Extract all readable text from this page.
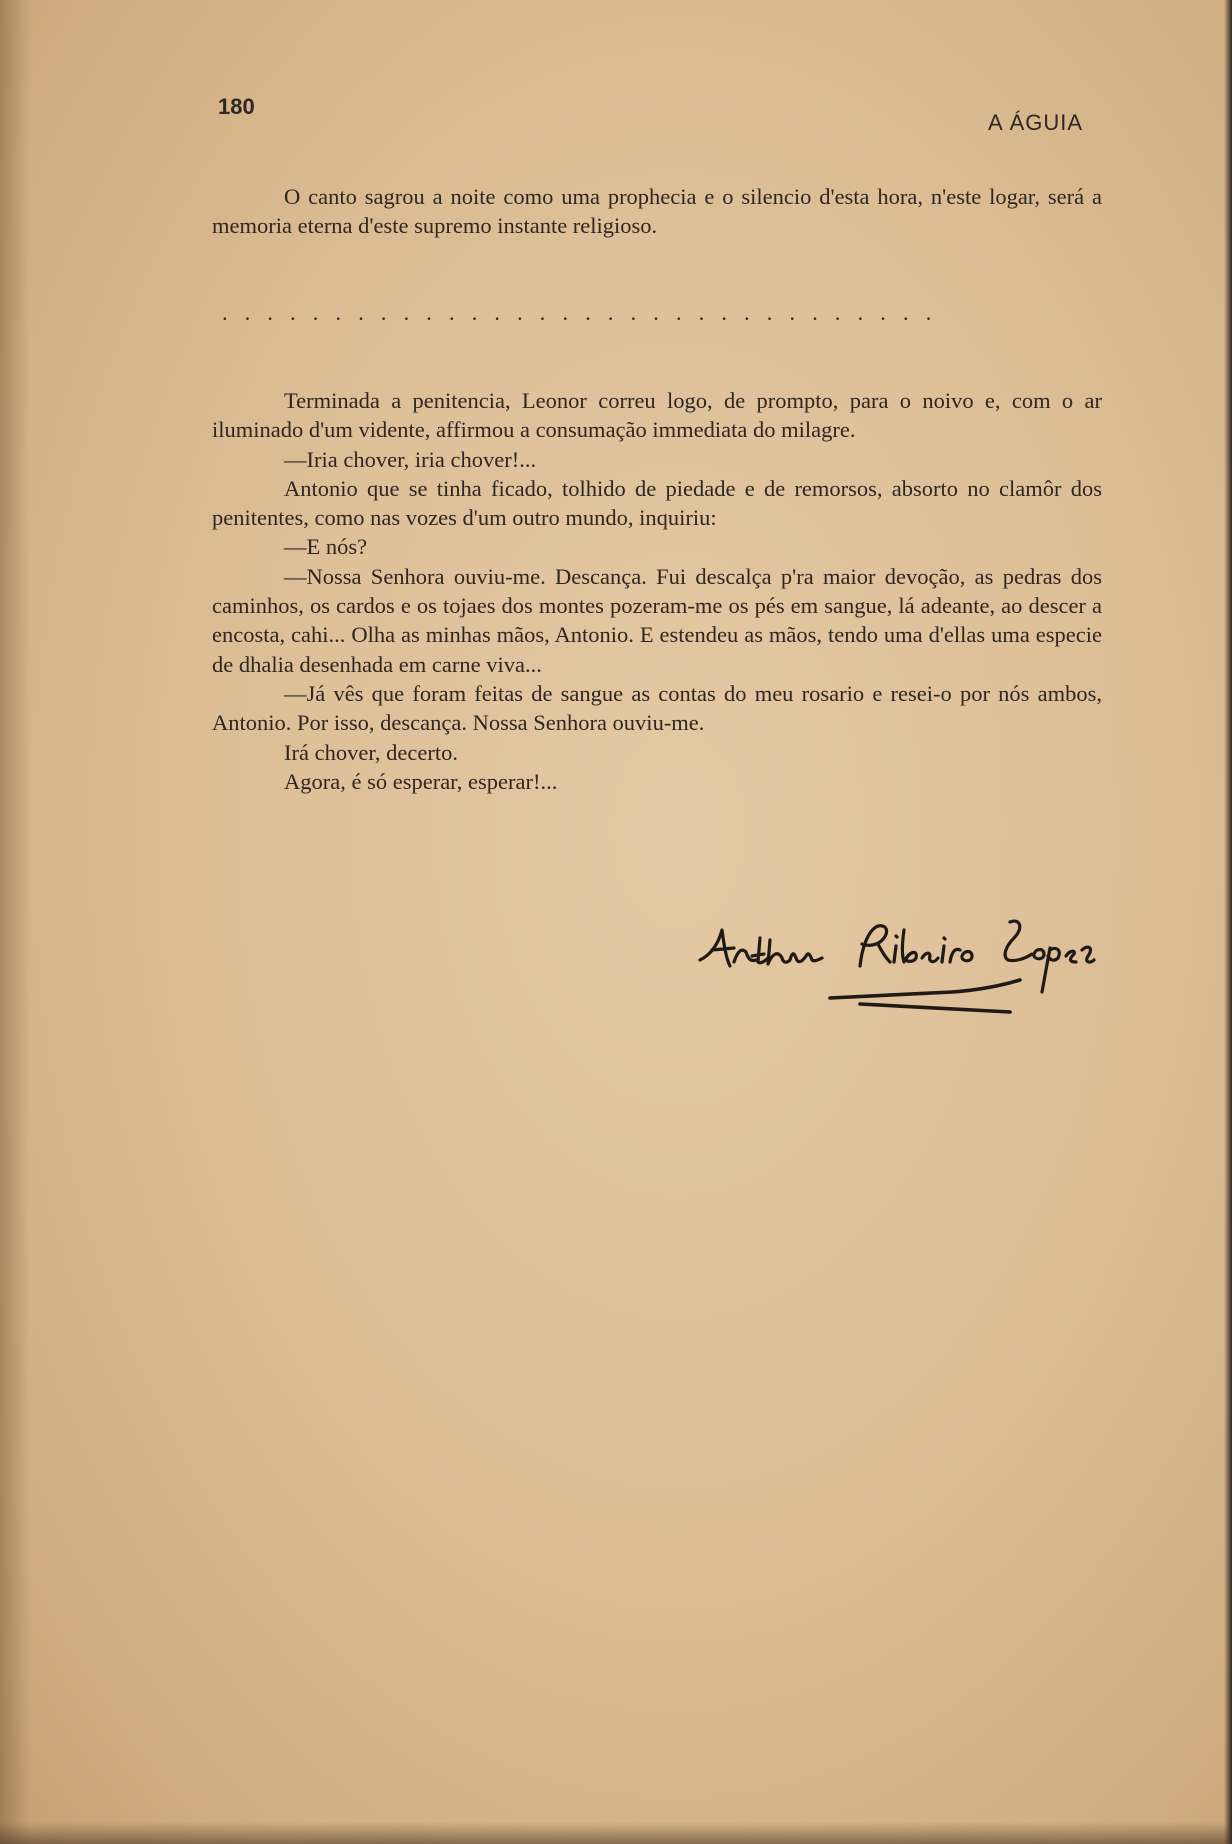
180
A ÁGUIA

O canto sagrou a noite como uma prophecia e o silencio d'esta hora, n'este logar, será a memoria eterna d'este supremo instante religioso.

................................

Terminada a penitencia, Leonor correu logo, de prompto, para o noivo e, com o ar iluminado d'um vidente, affirmou a consumação immediata do milagre.

—Iria chover, iria chover!...

Antonio que se tinha ficado, tolhido de piedade e de remorsos, absorto no clamôr dos penitentes, como nas vozes d'um outro mundo, inquiriu:

—E nós?

—Nossa Senhora ouviu-me. Descança. Fui descalça p'ra maior devoção, as pedras dos caminhos, os cardos e os tojaes dos montes pozeram-me os pés em sangue, lá adeante, ao descer a encosta, cahi... Olha as minhas mãos, Antonio. E estendeu as mãos, tendo uma d'ellas uma especie de dhalia desenhada em carne viva...

—Já vês que foram feitas de sangue as contas do meu rosario e resei-o por nós ambos, Antonio. Por isso, descança. Nossa Senhora ouviu-me.

Irá chover, decerto.

Agora, é só esperar, esperar!...
